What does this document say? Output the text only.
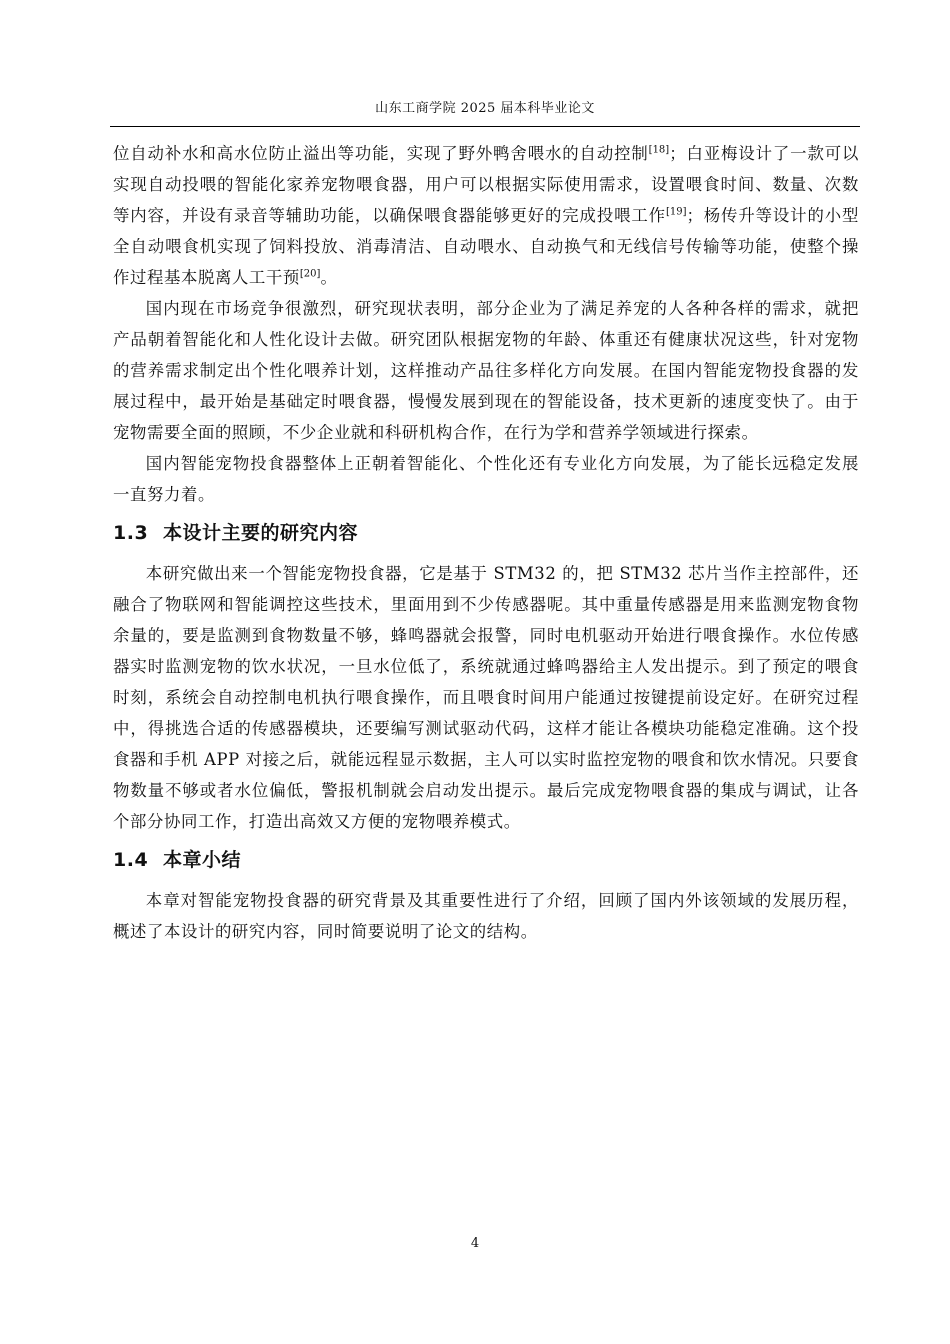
山东工商学院 2025 届本科毕业论文

位自动补水和高水位防止溢出等功能，实现了野外鸭舍喂水的自动控制[18]；白亚梅设计了一款可以实现自动投喂的智能化家养宠物喂食器，用户可以根据实际使用需求，设置喂食时间、数量、次数等内容，并设有录音等辅助功能，以确保喂食器能够更好的完成投喂工作[19]；杨传升等设计的小型全自动喂食机实现了饲料投放、消毒清洁、自动喂水、自动换气和无线信号传输等功能，使整个操作过程基本脱离人工干预[20]。

国内现在市场竞争很激烈，研究现状表明，部分企业为了满足养宠的人各种各样的需求，就把产品朝着智能化和人性化设计去做。研究团队根据宠物的年龄、体重还有健康状况这些，针对宠物的营养需求制定出个性化喂养计划，这样推动产品往多样化方向发展。在国内智能宠物投食器的发展过程中，最开始是基础定时喂食器，慢慢发展到现在的智能设备，技术更新的速度变快了。由于宠物需要全面的照顾，不少企业就和科研机构合作，在行为学和营养学领域进行探索。

国内智能宠物投食器整体上正朝着智能化、个性化还有专业化方向发展，为了能长远稳定发展一直努力着。

1.3 本设计主要的研究内容

本研究做出来一个智能宠物投食器，它是基于 STM32 的，把 STM32 芯片当作主控部件，还融合了物联网和智能调控这些技术，里面用到不少传感器呢。其中重量传感器是用来监测宠物食物余量的，要是监测到食物数量不够，蜂鸣器就会报警，同时电机驱动开始进行喂食操作。水位传感器实时监测宠物的饮水状况，一旦水位低了，系统就通过蜂鸣器给主人发出提示。到了预定的喂食时刻，系统会自动控制电机执行喂食操作，而且喂食时间用户能通过按键提前设定好。在研究过程中，得挑选合适的传感器模块，还要编写测试驱动代码，这样才能让各模块功能稳定准确。这个投食器和手机 APP 对接之后，就能远程显示数据，主人可以实时监控宠物的喂食和饮水情况。只要食物数量不够或者水位偏低，警报机制就会启动发出提示。最后完成宠物喂食器的集成与调试，让各个部分协同工作，打造出高效又方便的宠物喂养模式。

1.4 本章小结

本章对智能宠物投食器的研究背景及其重要性进行了介绍，回顾了国内外该领域的发展历程，概述了本设计的研究内容，同时简要说明了论文的结构。

4
